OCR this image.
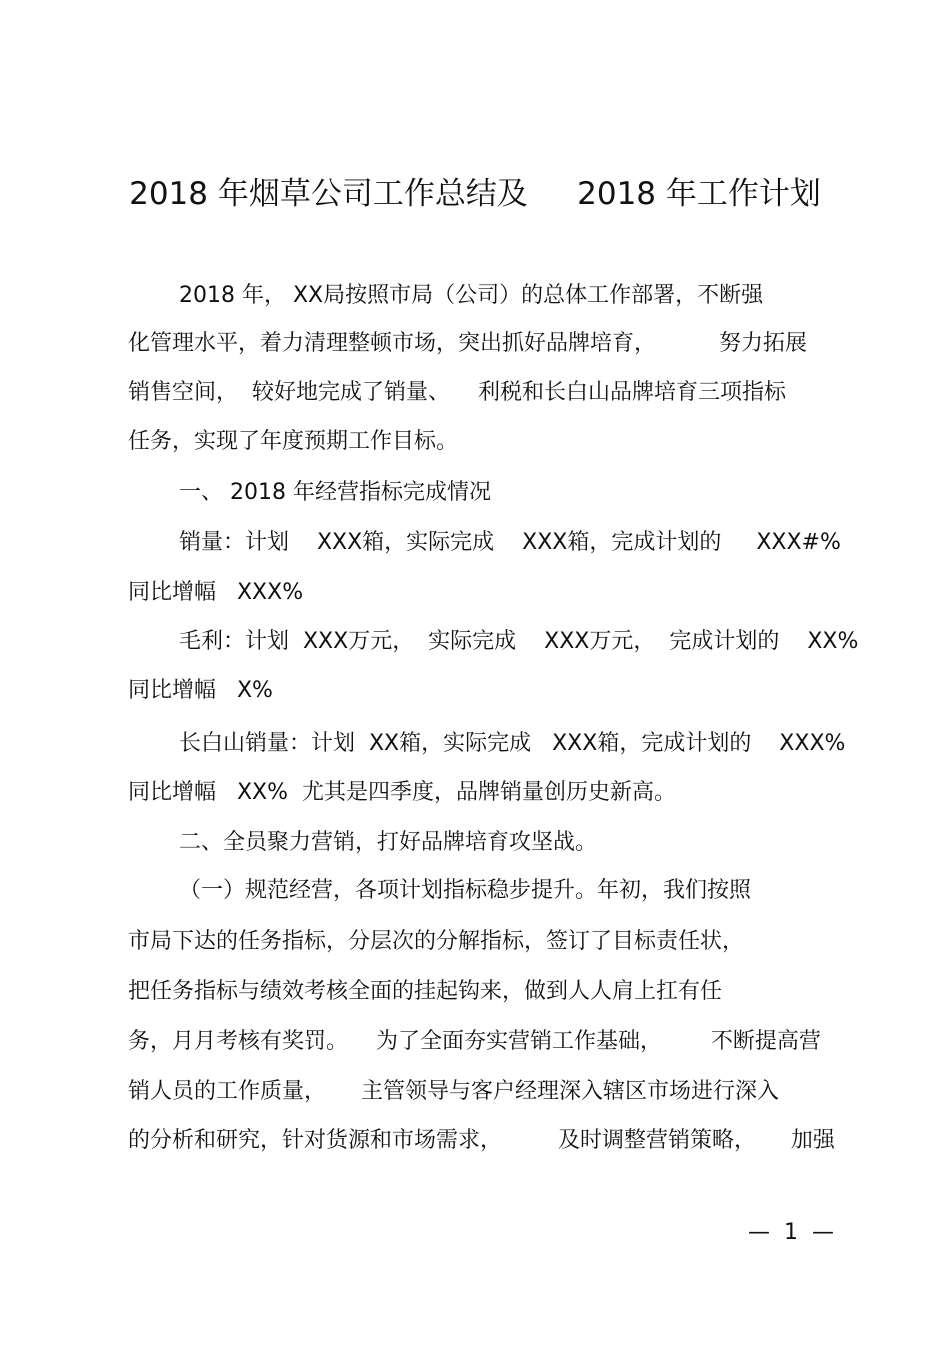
2018 年烟草公司工作总结及     2018 年工作计划
2018 年， XX局按照市局（公司）的总体工作部署，不断强
化管理水平，着力清理整顿市场，突出抓好品牌培育，         努力拓展
销售空间，  较好地完成了销量、    利税和长白山品牌培育三项指标
任务，实现了年度预期工作目标。
一、 2018 年经营指标完成情况
销量：计划    XXX箱，实际完成    XXX箱，完成计划的     XXX#%
同比增幅   XXX%
毛利：计划  XXX万元，  实际完成    XXX万元，  完成计划的    XX%
同比增幅   X%
长白山销量：计划  XX箱，实际完成   XXX箱，完成计划的    XXX%
同比增幅   XX%  尤其是四季度，品牌销量创历史新高。
二、全员聚力营销，打好品牌培育攻坚战。
（一）规范经营，各项计划指标稳步提升。年初，我们按照
市局下达的任务指标，分层次的分解指标，签订了目标责任状，
把任务指标与绩效考核全面的挂起钩来，做到人人肩上扛有任
务，月月考核有奖罚。    为了全面夯实营销工作基础，       不断提高营
销人员的工作质量，     主管领导与客户经理深入辖区市场进行深入
的分析和研究，针对货源和市场需求，        及时调整营销策略，     加强
—  1  —
